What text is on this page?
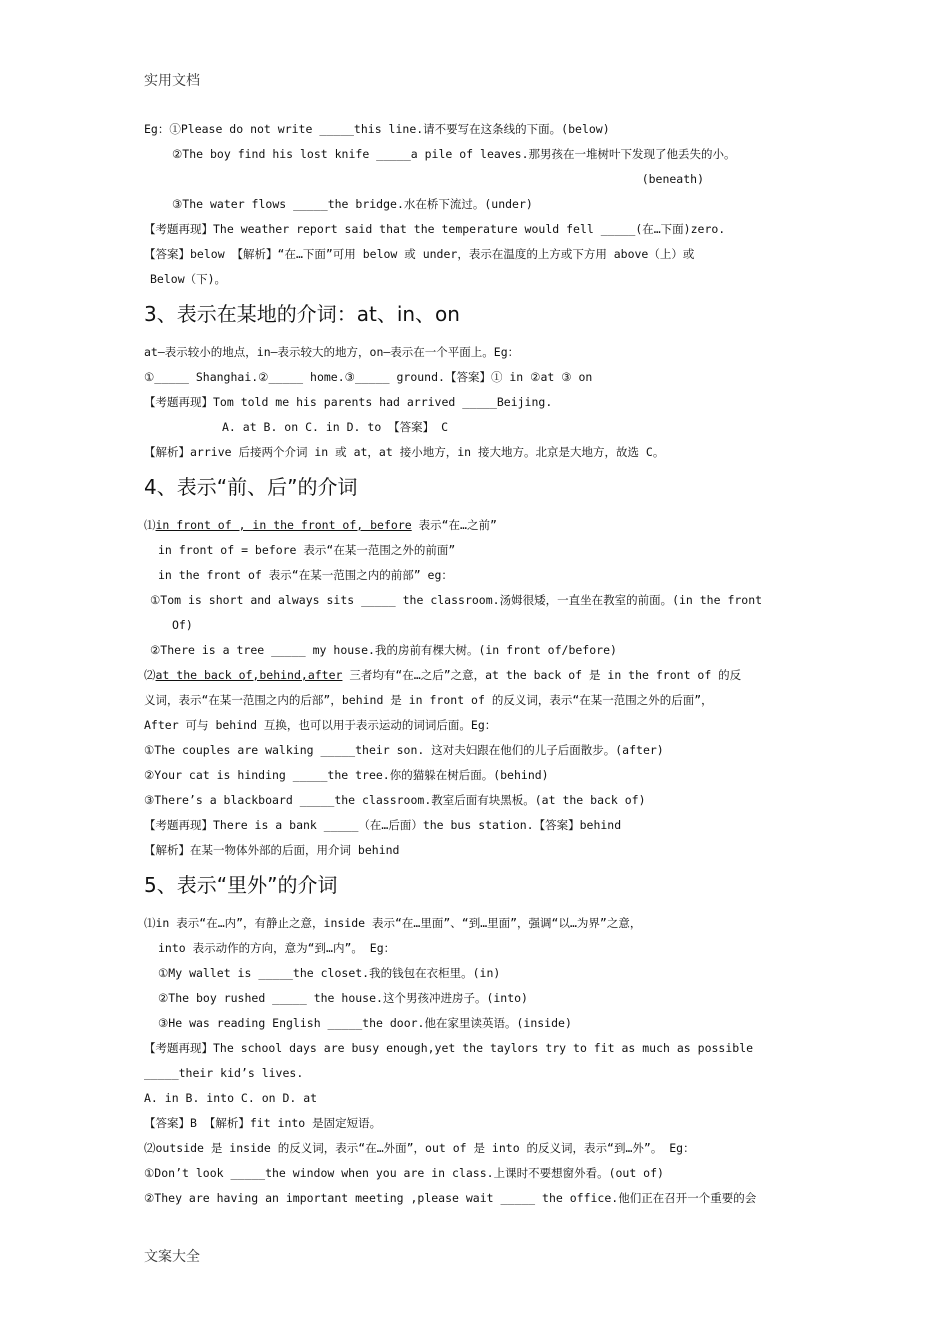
实用文档
Eg：①Please do not write _____this line.请不要写在这条线的下面。(below)
②The boy find his lost knife _____a pile of leaves.那男孩在一堆树叶下发现了他丢失的小。
(beneath)
③The water flows _____the bridge.水在桥下流过。(under)
【考题再现】The weather report said that the temperature would fell _____(在…下面)zero.
【答案】below 【解析】“在…下面”可用 below 或 under，表示在温度的上方或下方用 above（上）或
Below（下)。
3、表示在某地的介词：at、in、on
at—表示较小的地点，in—表示较大的地方，on—表示在一个平面上。Eg：
①_____ Shanghai.②_____ home.③_____ ground.【答案】① in ②at ③ on
【考题再现】Tom told me his parents had arrived _____Beijing.
A. at B. on C. in D. to 【答案】 C
【解析】arrive 后接两个介词 in 或 at，at 接小地方，in 接大地方。北京是大地方，故选 C。
4、表示“前、后”的介词
⑴in front of , in the front of, before 表示“在…之前”
in front of = before 表示“在某一范围之外的前面”
in the front of 表示“在某一范围之内的前部” eg：
①Tom is short and always sits _____ the classroom.汤姆很矮，一直坐在教室的前面。(in the front
Of)
②There is a tree _____ my house.我的房前有棵大树。(in front of/before)
⑵at the back of,behind,after 三者均有“在…之后”之意，at the back of 是 in the front of 的反
义词，表示“在某一范围之内的后部”，behind 是 in front of 的反义词，表示“在某一范围之外的后面”，
After 可与 behind 互换，也可以用于表示运动的词词后面。Eg：
①The couples are walking _____their son. 这对夫妇跟在他们的儿子后面散步。(after)
②Your cat is hinding _____the tree.你的猫躲在树后面。(behind)
③There’s a blackboard _____the classroom.教室后面有块黑板。(at the back of)
【考题再现】There is a bank _____（在…后面）the bus station.【答案】behind
【解析】在某一物体外部的后面，用介词 behind
5、表示“里外”的介词
⑴in 表示“在…内”，有静止之意，inside 表示“在…里面”、“到…里面”，强调“以…为界”之意，
into 表示动作的方向，意为“到…内”。 Eg：
①My wallet is _____the closet.我的钱包在衣柜里。(in)
②The boy rushed _____ the house.这个男孩冲进房子。(into)
③He was reading English _____the door.他在家里读英语。(inside)
【考题再现】The school days are busy enough,yet the taylors try to fit as much as possible
_____their kid’s lives.
A. in B. into C. on D. at
【答案】B 【解析】fit into 是固定短语。
⑵outside 是 inside 的反义词，表示“在…外面”，out of 是 into 的反义词，表示“到…外”。 Eg：
①Don’t look _____the window when you are in class.上课时不要想窗外看。(out of)
②They are having an important meeting ,please wait _____ the office.他们正在召开一个重要的会
文案大全
